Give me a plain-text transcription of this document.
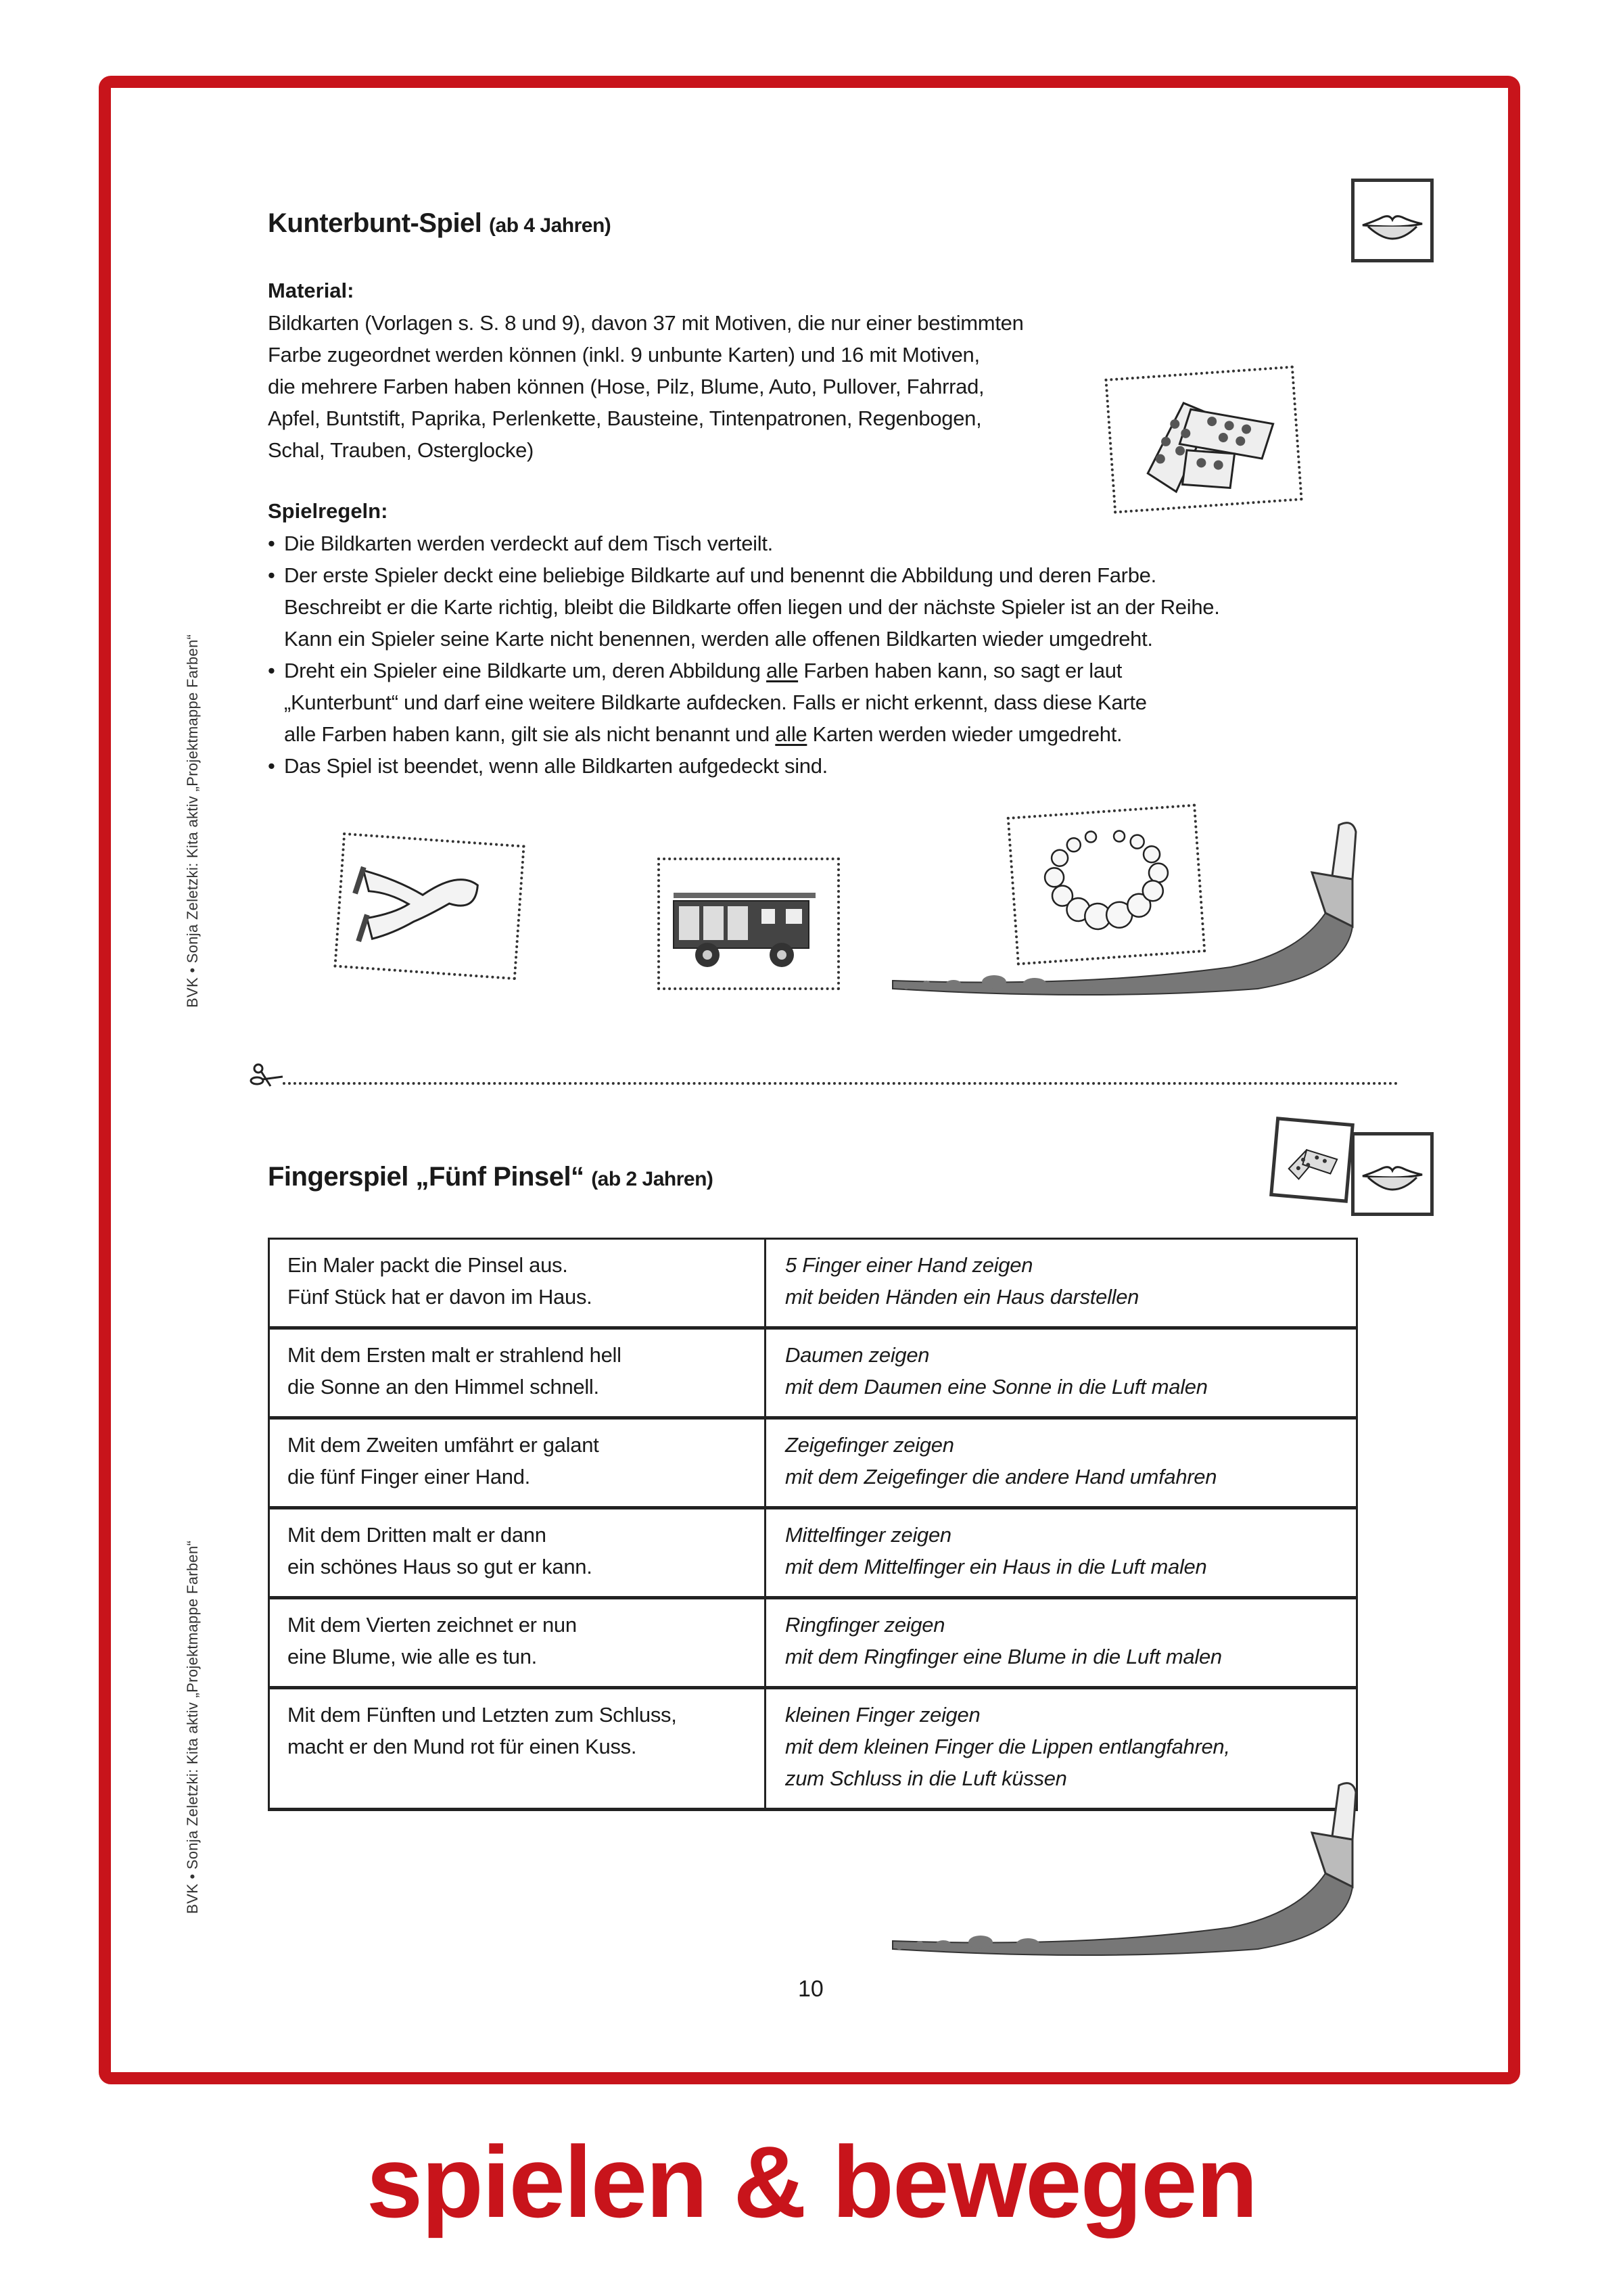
BVK • Sonja Zeletzki: Kita aktiv „Projektmappe Farben“
BVK • Sonja Zeletzki: Kita aktiv „Projektmappe Farben“
Kunterbunt-Spiel (ab 4 Jahren)
Material:
Bildkarten (Vorlagen s. S. 8 und 9), davon 37 mit Motiven, die nur einer bestimmten
Farbe zugeordnet werden können (inkl. 9 unbunte Karten) und 16 mit Motiven,
die mehrere Farben haben können (Hose, Pilz, Blume, Auto, Pullover, Fahrrad,
Apfel, Buntstift, Paprika, Perlenkette, Bausteine, Tintenpatronen, Regenbogen,
Schal, Trauben, Osterglocke)
Spielregeln:
• Die Bildkarten werden verdeckt auf dem Tisch verteilt.
• Der erste Spieler deckt eine beliebige Bildkarte auf und benennt die Abbildung und deren Farbe.
Beschreibt er die Karte richtig, bleibt die Bildkarte offen liegen und der nächste Spieler ist an der Reihe.
Kann ein Spieler seine Karte nicht benennen, werden alle offenen Bildkarten wieder umgedreht.
• Dreht ein Spieler eine Bildkarte um, deren Abbildung alle Farben haben kann, so sagt er laut
„Kunterbunt“ und darf eine weitere Bildkarte aufdecken. Falls er nicht erkennt, dass diese Karte
alle Farben haben kann, gilt sie als nicht benannt und alle Karten werden wieder umgedreht.
• Das Spiel ist beendet, wenn alle Bildkarten aufgedeckt sind.
Fingerspiel „Fünf Pinsel“ (ab 2 Jahren)
Ein Maler packt die Pinsel aus.
Fünf Stück hat er davon im Haus.	5 Finger einer Hand zeigen
mit beiden Händen ein Haus darstellen

Mit dem Ersten malt er strahlend hell
die Sonne an den Himmel schnell.	Daumen zeigen
mit dem Daumen eine Sonne in die Luft malen

Mit dem Zweiten umfährt er galant
die fünf Finger einer Hand.	Zeigefinger zeigen
mit dem Zeigefinger die andere Hand umfahren

Mit dem Dritten malt er dann
ein schönes Haus so gut er kann.	Mittelfinger zeigen
mit dem Mittelfinger ein Haus in die Luft malen

Mit dem Vierten zeichnet er nun
eine Blume, wie alle es tun.	Ringfinger zeigen
mit dem Ringfinger eine Blume in die Luft malen

Mit dem Fünften und Letzten zum Schluss,
macht er den Mund rot für einen Kuss.	kleinen Finger zeigen
mit dem kleinen Finger die Lippen entlangfahren,
zum Schluss in die Luft küssen
10
spielen & bewegen
